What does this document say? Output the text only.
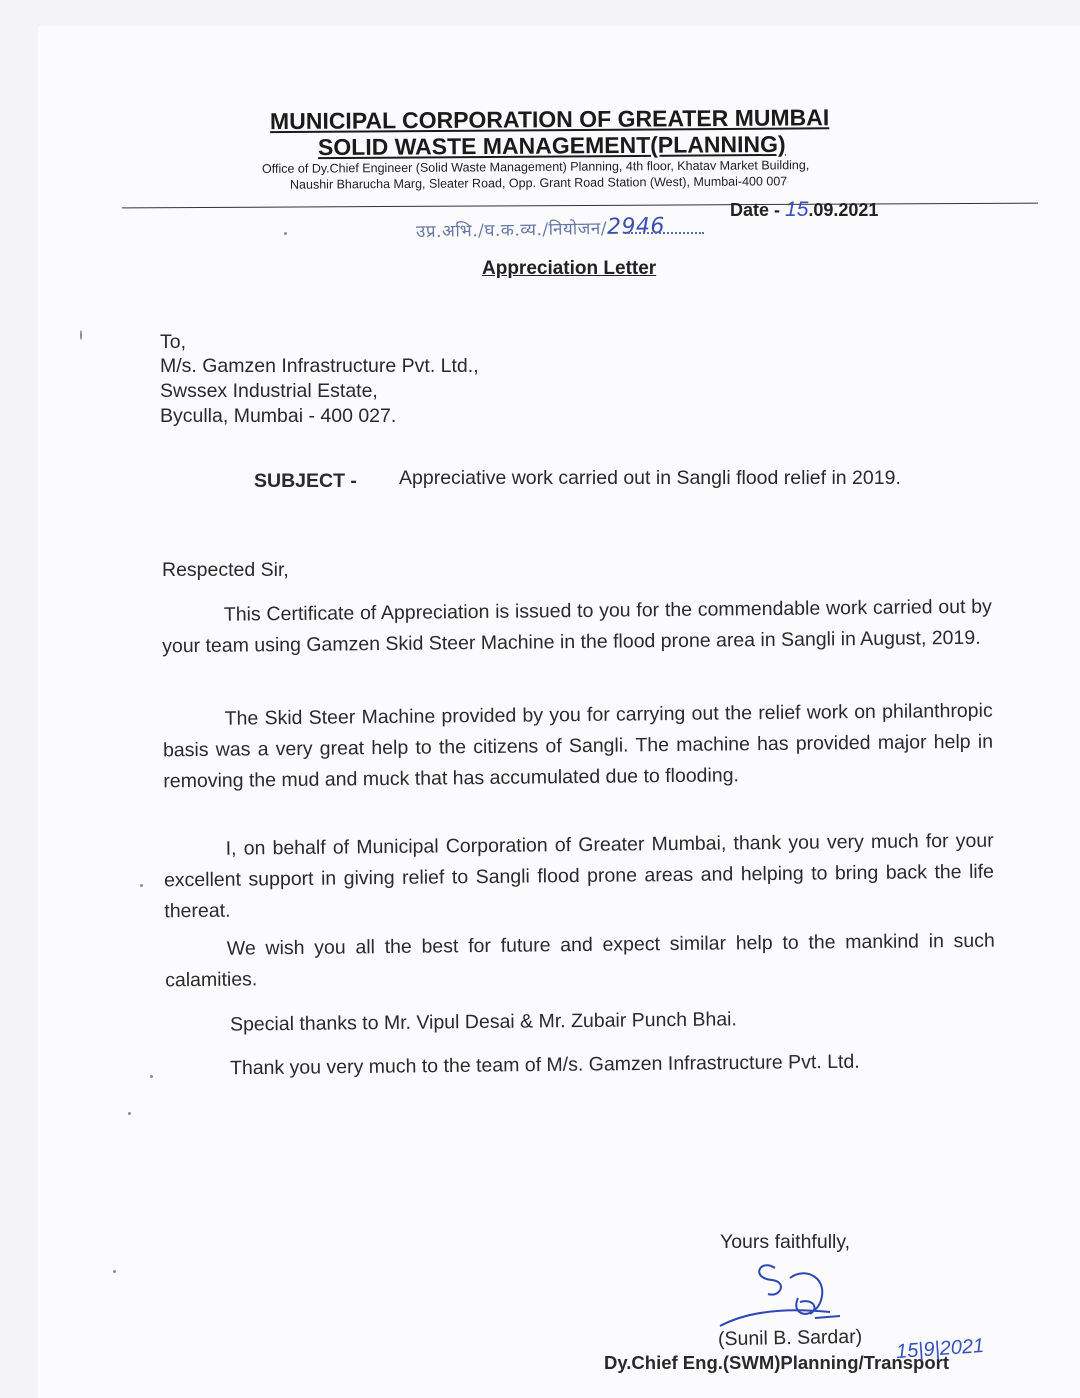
MUNICIPAL CORPORATION OF GREATER MUMBAI
SOLID WASTE MANAGEMENT(PLANNING)
Office of Dy.Chief Engineer (Solid Waste Management) Planning, 4th floor, Khatav Market Building,
Naushir Bharucha Marg, Sleater Road, Opp. Grant Road Station (West), Mumbai-400 007
उप्र.अभि./घ.क.व्य./नियोजन/2946
Date - 15.09.2021
Appreciation Letter
To,
M/s. Gamzen Infrastructure Pvt. Ltd.,
Swssex Industrial Estate,
Byculla, Mumbai - 400 027.
SUBJECT - Appreciative work carried out in Sangli flood relief in 2019.
Respected Sir,
This Certificate of Appreciation is issued to you for the commendable work carried out by your team using Gamzen Skid Steer Machine in the flood prone area in Sangli in August, 2019.
The Skid Steer Machine provided by you for carrying out the relief work on philanthropic basis was a very great help to the citizens of Sangli. The machine has provided major help in removing the mud and muck that has accumulated due to flooding.
I, on behalf of Municipal Corporation of Greater Mumbai, thank you very much for your excellent support in giving relief to Sangli flood prone areas and helping to bring back the life thereat.
We wish you all the best for future and expect similar help to the mankind in such calamities.
Special thanks to Mr. Vipul Desai & Mr. Zubair Punch Bhai.
Thank you very much to the team of M/s. Gamzen Infrastructure Pvt. Ltd.
Yours faithfully,
(Sunil B. Sardar)
Dy.Chief Eng.(SWM)Planning/Transport
15|9|2021
